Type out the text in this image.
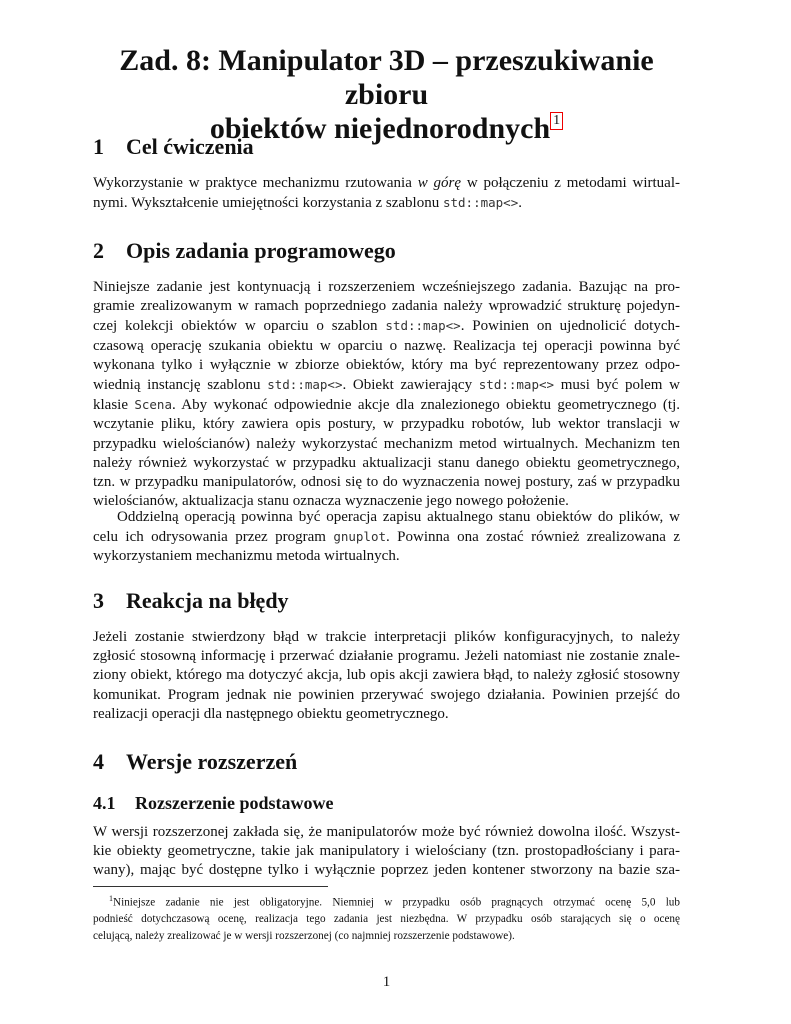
Zad. 8: Manipulator 3D – przeszukiwanie zbioru
obiektów niejednorodnych 1
1 Cel ćwiczenia
Wykorzystanie w praktyce mechanizmu rzutowania w górę w połączeniu z metodami wirtual-
nymi. Wykształcenie umiejętności korzystania z szablonu std::map<>.
2 Opis zadania programowego
Niniejsze zadanie jest kontynuacją i rozszerzeniem wcześniejszego zadania. Bazując na pro-
gramie zrealizowanym w ramach poprzedniego zadania należy wprowadzić strukturę pojedyn-
czej kolekcji obiektów w oparciu o szablon std::map<>. Powinien on ujednolicić dotych-
czasową operację szukania obiektu w oparciu o nazwę. Realizacja tej operacji powinna być
wykonana tylko i wyłącznie w zbiorze obiektów, który ma być reprezentowany przez odpo-
wiednią instancję szablonu std::map<>. Obiekt zawierający std::map<> musi być polem w
klasie Scena. Aby wykonać odpowiednie akcje dla znalezionego obiektu geometrycznego (tj.
wczytanie pliku, który zawiera opis postury, w przypadku robotów, lub wektor translacji w
przypadku wielościanów) należy wykorzystać mechanizm metod wirtualnych. Mechanizm ten
należy również wykorzystać w przypadku aktualizacji stanu danego obiektu geometrycznego,
tzn. w przypadku manipulatorów, odnosi się to do wyznaczenia nowej postury, zaś w przypadku
wielościanów, aktualizacja stanu oznacza wyznaczenie jego nowego położenie.
Oddzielną operacją powinna być operacja zapisu aktualnego stanu obiektów do plików, w
celu ich odrysowania przez program gnuplot. Powinna ona zostać również zrealizowana z
wykorzystaniem mechanizmu metoda wirtualnych.
3 Reakcja na błędy
Jeżeli zostanie stwierdzony błąd w trakcie interpretacji plików konfiguracyjnych, to należy
zgłosić stosowną informację i przerwać działanie programu. Jeżeli natomiast nie zostanie znale-
ziony obiekt, którego ma dotyczyć akcja, lub opis akcji zawiera błąd, to należy zgłosić stosowny
komunikat. Program jednak nie powinien przerywać swojego działania. Powinien przejść do
realizacji operacji dla następnego obiektu geometrycznego.
4 Wersje rozszerzeń
4.1 Rozszerzenie podstawowe
W wersji rozszerzonej zakłada się, że manipulatorów może być również dowolna ilość. Wszyst-
kie obiekty geometryczne, takie jak manipulatory i wielościany (tzn. prostopadłościany i para-
wany), mając być dostępne tylko i wyłącznie poprzez jeden kontener stworzony na bazie sza-
$^1$Niniejsze zadanie nie jest obligatoryjne. Niemniej w przypadku osób pragnących otrzymać ocenę 5,0 lub
podnieść dotychczasową ocenę, realizacja tego zadania jest niezbędna. W przypadku osób starających się o ocenę
celującą, należy zrealizować je w wersji rozszerzonej (co najmniej rozszerzenie podstawowe).
1
